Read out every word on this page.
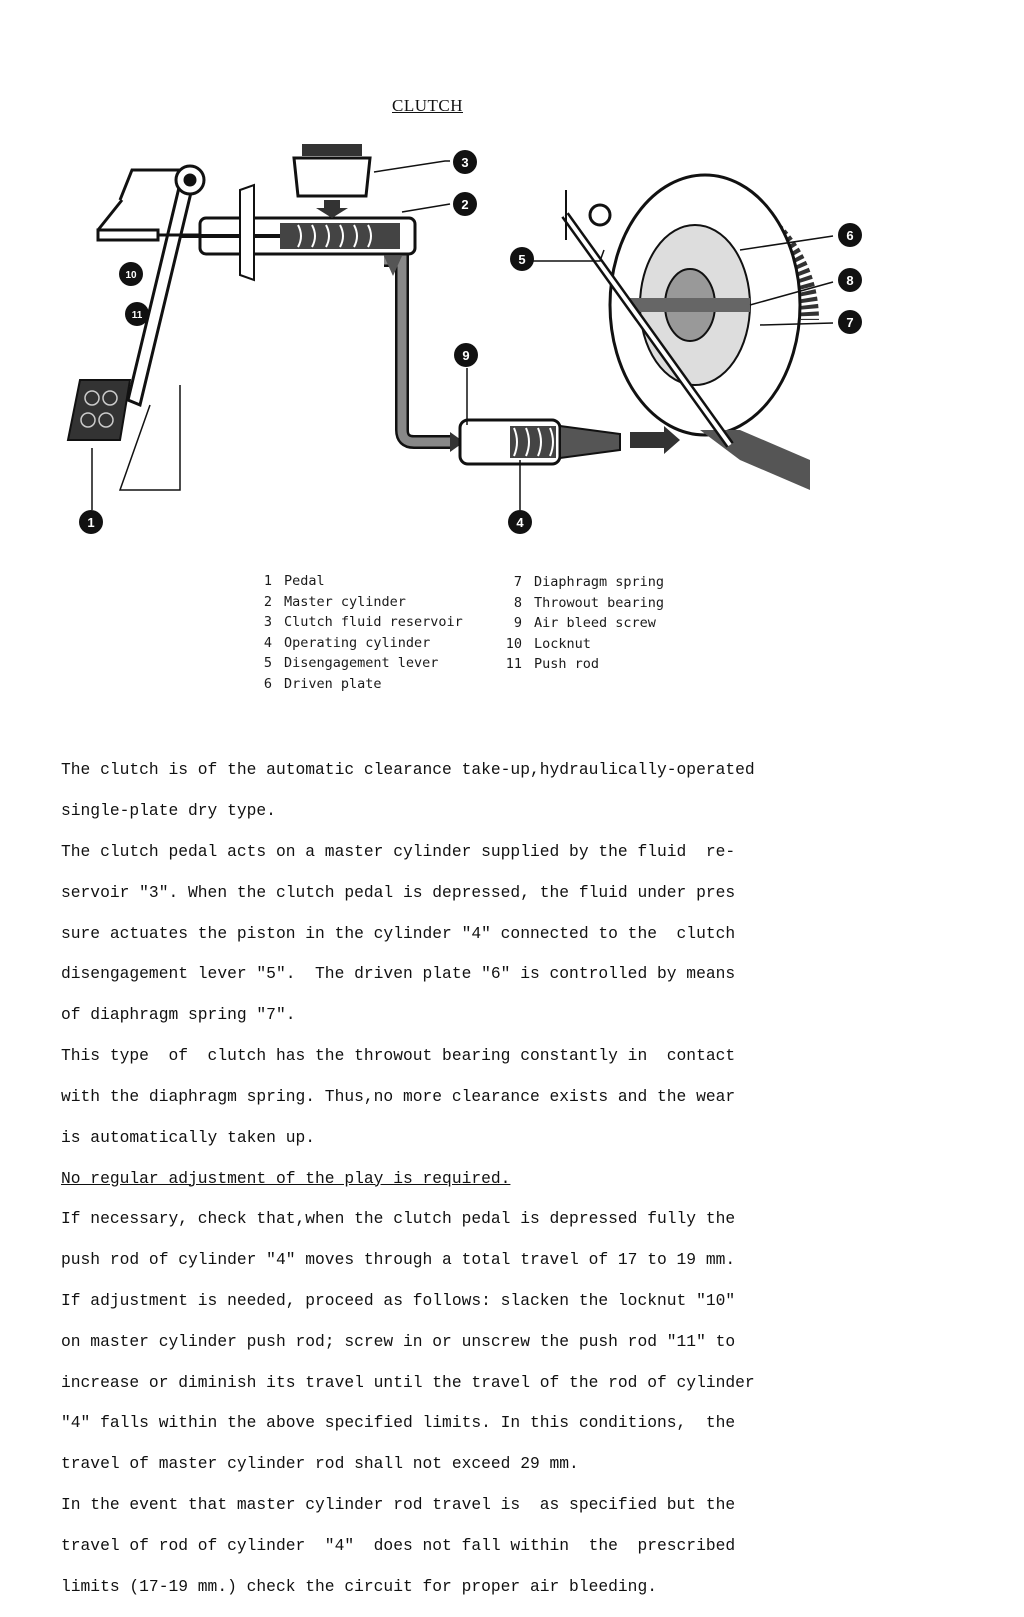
CLUTCH
1
2
3
4
5
6
7
8
9
10
11
1 Pedal
2 Master cylinder
3 Clutch fluid reservoir
4 Operating cylinder
5 Disengagement lever
6 Driven plate
7 Diaphragm spring
8 Throwout bearing
9 Air bleed screw
10 Locknut
11 Push rod

The clutch is of the automatic clearance take-up,hydraulically-operated

single-plate dry type.

The clutch pedal acts on a master cylinder supplied by the fluid  re-

servoir "3". When the clutch pedal is depressed, the fluid under pres

sure actuates the piston in the cylinder "4" connected to the  clutch

disengagement lever "5".  The driven plate "6" is controlled by means

of diaphragm spring "7".

This type  of  clutch has the throwout bearing constantly in  contact

with the diaphragm spring. Thus,no more clearance exists and the wear

is automatically taken up.

No regular adjustment of the play is required.

If necessary, check that,when the clutch pedal is depressed fully the

push rod of cylinder "4" moves through a total travel of 17 to 19 mm.

If adjustment is needed, proceed as follows: slacken the locknut "10"

on master cylinder push rod; screw in or unscrew the push rod "11" to

increase or diminish its travel until the travel of the rod of cylinder

"4" falls within the above specified limits. In this conditions,  the

travel of master cylinder rod shall not exceed 29 mm.

In the event that master cylinder rod travel is  as specified but the

travel of rod of cylinder  "4"  does not fall within  the  prescribed

limits (17-19 mm.) check the circuit for proper air bleeding.
